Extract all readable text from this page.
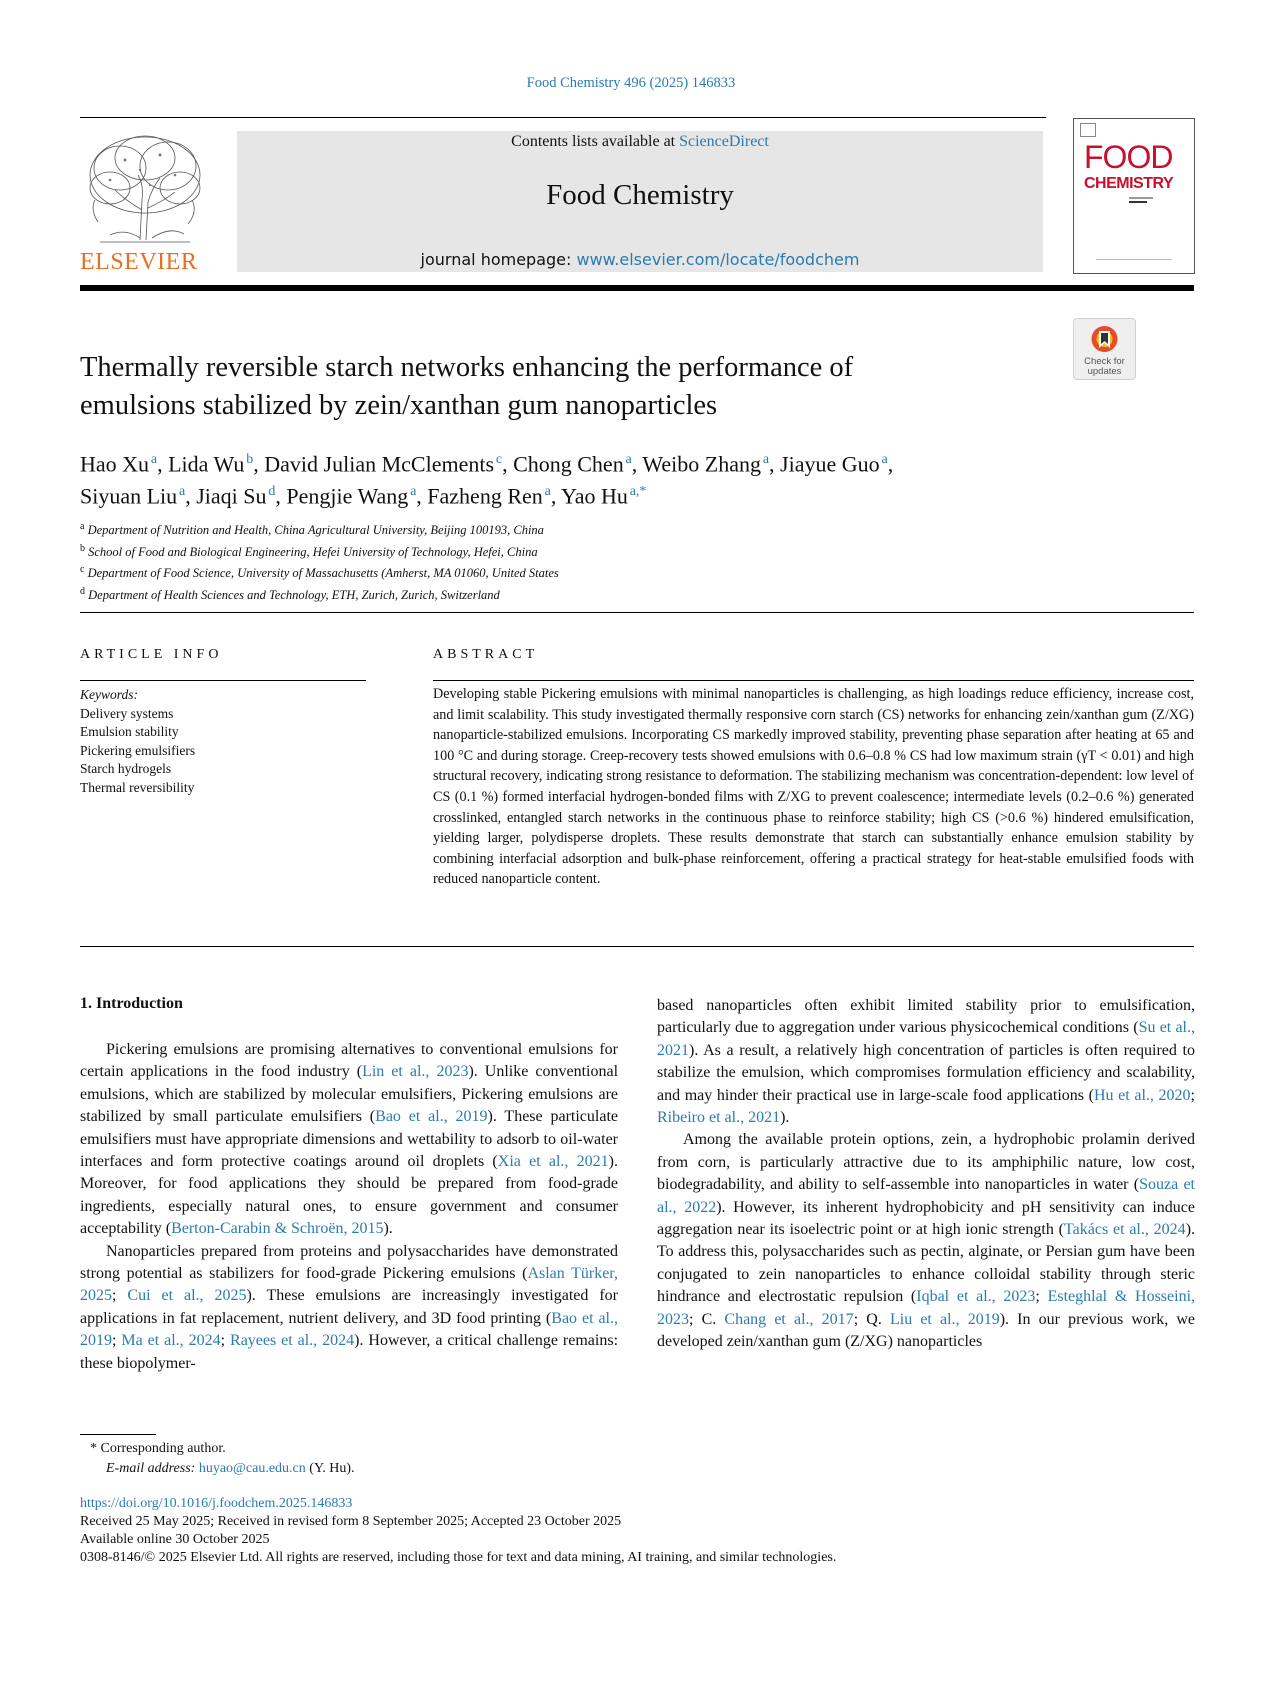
Food Chemistry 496 (2025) 146833
ELSEVIER
Contents lists available at ScienceDirect
Food Chemistry
journal homepage: www.elsevier.com/locate/foodchem
FOOD
CHEMISTRY
Check for updates
Thermally reversible starch networks enhancing the performance of
emulsions stabilized by zein/xanthan gum nanoparticles
Hao Xu  $^a$, Lida Wu  $^b$, David Julian McClements  $^c$, Chong Chen  $^a$, Weibo Zhang  $^a$, Jiayue Guo  $^a$,
Siyuan Liu  $^a$, Jiaqi Su  $^d$, Pengjie Wang  $^a$, Fazheng Ren  $^a$, Yao Hu  $^{a,*}$
$^a$ Department of Nutrition and Health, China Agricultural University, Beijing 100193, China
$^b$ School of Food and Biological Engineering, Hefei University of Technology, Hefei, China
$^c$ Department of Food Science, University of Massachusetts (Amherst, MA 01060, United States
$^d$ Department of Health Sciences and Technology, ETH, Zurich, Zurich, Switzerland
ARTICLE INFO
Keywords:
Delivery systems
Emulsion stability
Pickering emulsifiers
Starch hydrogels
Thermal reversibility
ABSTRACT
Developing stable Pickering emulsions with minimal nanoparticles is challenging, as high loadings reduce efficiency, increase cost, and limit scalability. This study investigated thermally responsive corn starch (CS) networks for enhancing zein/xanthan gum (Z/XG) nanoparticle-stabilized emulsions. Incorporating CS markedly improved stability, preventing phase separation after heating at 65 and 100 °C and during storage. Creep-recovery tests showed emulsions with 0.6–0.8 % CS had low maximum strain (γT < 0.01) and high structural recovery, indicating strong resistance to deformation. The stabilizing mechanism was concentration-dependent: low level of CS (0.1 %) formed interfacial hydrogen-bonded films with Z/XG to prevent coalescence; intermediate levels (0.2–0.6 %) generated crosslinked, entangled starch networks in the continuous phase to reinforce stability; high CS (>0.6 %) hindered emulsification, yielding larger, polydisperse droplets. These results demonstrate that starch can substantially enhance emulsion stability by combining interfacial adsorption and bulk-phase reinforcement, offering a practical strategy for heat-stable emulsified foods with reduced nanoparticle content.
1. Introduction

Pickering emulsions are promising alternatives to conventional emulsions for certain applications in the food industry (Lin et al., 2023). Unlike conventional emulsions, which are stabilized by molecular emulsifiers, Pickering emulsions are stabilized by small particulate emulsifiers (Bao et al., 2019). These particulate emulsifiers must have appropriate dimensions and wettability to adsorb to oil-water interfaces and form protective coatings around oil droplets (Xia et al., 2021). Moreover, for food applications they should be prepared from food-grade ingredients, especially natural ones, to ensure government and consumer acceptability (Berton-Carabin & Schroën, 2015).

Nanoparticles prepared from proteins and polysaccharides have demonstrated strong potential as stabilizers for food-grade Pickering emulsions (Aslan Türker, 2025; Cui et al., 2025). These emulsions are increasingly investigated for applications in fat replacement, nutrient delivery, and 3D food printing (Bao et al., 2019; Ma et al., 2024; Rayees et al., 2024). However, a critical challenge remains: these biopolymer-

based nanoparticles often exhibit limited stability prior to emulsification, particularly due to aggregation under various physicochemical conditions (Su et al., 2021). As a result, a relatively high concentration of particles is often required to stabilize the emulsion, which compromises formulation efficiency and scalability, and may hinder their practical use in large-scale food applications (Hu et al., 2020; Ribeiro et al., 2021).

Among the available protein options, zein, a hydrophobic prolamin derived from corn, is particularly attractive due to its amphiphilic nature, low cost, biodegradability, and ability to self-assemble into nanoparticles in water (Souza et al., 2022). However, its inherent hydrophobicity and pH sensitivity can induce aggregation near its isoelectric point or at high ionic strength (Takács et al., 2024). To address this, polysaccharides such as pectin, alginate, or Persian gum have been conjugated to zein nanoparticles to enhance colloidal stability through steric hindrance and electrostatic repulsion (Iqbal et al., 2023; Esteghlal & Hosseini, 2023; C. Chang et al., 2017; Q. Liu et al., 2019). In our previous work, we developed zein/xanthan gum (Z/XG) nanoparticles

* Corresponding author.
E-mail address: huyao@cau.edu.cn (Y. Hu).
https://doi.org/10.1016/j.foodchem.2025.146833
Received 25 May 2025; Received in revised form 8 September 2025; Accepted 23 October 2025
Available online 30 October 2025
0308-8146/© 2025 Elsevier Ltd. All rights are reserved, including those for text and data mining, AI training, and similar technologies.
